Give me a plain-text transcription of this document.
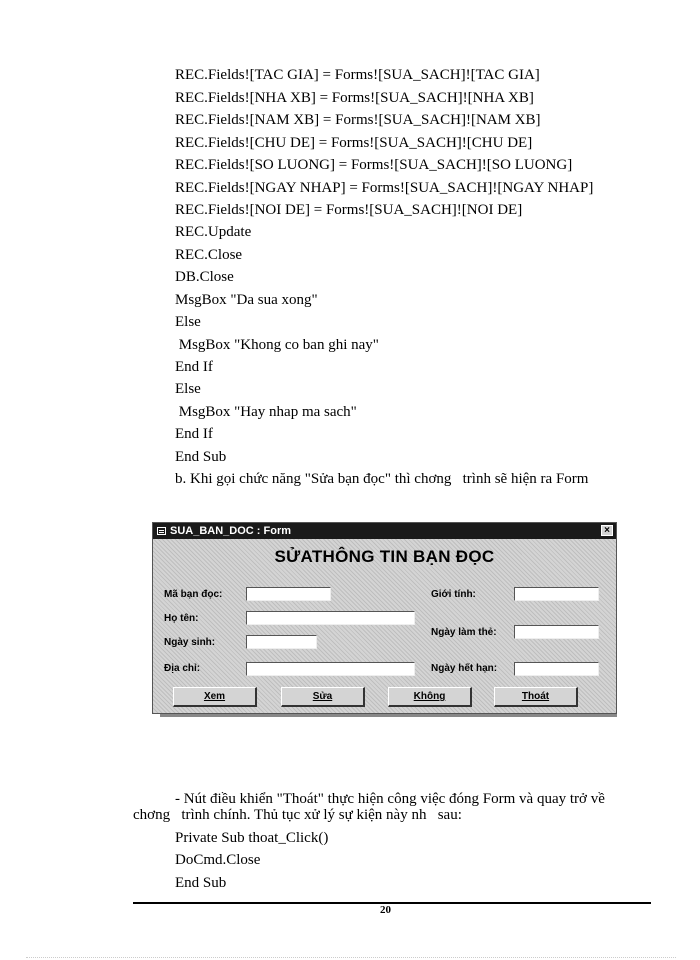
REC.Fields![TAC GIA] = Forms![SUA_SACH]![TAC GIA]
REC.Fields![NHA XB] = Forms![SUA_SACH]![NHA XB]
REC.Fields![NAM XB] = Forms![SUA_SACH]![NAM XB]
REC.Fields![CHU DE] = Forms![SUA_SACH]![CHU DE]
REC.Fields![SO LUONG] = Forms![SUA_SACH]![SO LUONG]
REC.Fields![NGAY NHAP] = Forms![SUA_SACH]![NGAY NHAP]
REC.Fields![NOI DE] = Forms![SUA_SACH]![NOI DE]
REC.Update
REC.Close
DB.Close
MsgBox "Da sua xong"
Else
MsgBox "Khong co ban ghi nay"
End If
Else
MsgBox "Hay nhap ma sach"
End If
End Sub
b. Khi gọi chức năng "Sửa bạn đọc" thì chơng   trình sẽ hiện ra Form
SUA_BAN_DOC : Form	×
SỬATHÔNG TIN BẠN ĐỌC
Mã bạn đọc:
Họ tên:
Ngày sinh:
Địa chỉ:
Giới tính:
Ngày làm thẻ:
Ngày hết hạn:
Xem	Sửa	Không	Thoát
- Nút điều khiển "Thoát" thực hiện công việc đóng Form và quay trở về
chơng   trình chính. Thủ tục xử lý sự kiện này nh   sau:
Private Sub thoat_Click()
DoCmd.Close
End Sub
20
